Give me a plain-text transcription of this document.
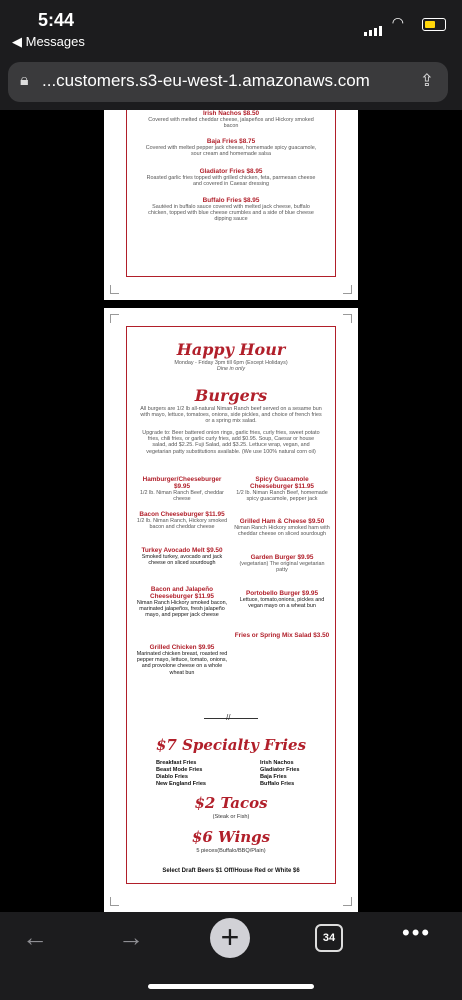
5:44
◀ Messages
◠
🔒︎ ...customers.s3-eu-west-1.amazonaws.com	⇪
Irish Nachos $8.50
Covered with melted cheddar cheese, jalapeños and Hickory smoked bacon
Baja Fries $8.75
Covered with melted pepper jack cheese, homemade spicy guacamole, sour cream and homemade salsa
Gladiator Fries $8.95
Roasted garlic fries topped with grilled chicken, feta, parmesan cheese and covered in Caesar dressing
Buffalo Fries $8.95
Sautéed in buffalo sauce covered with melted jack cheese, buffalo chicken, topped with blue cheese crumbles and a side of blue cheese dipping sauce
Happy Hour
Monday - Friday 3pm till 6pm (Except Holidays)
Dine in only
Burgers
All burgers are 1/2 lb all-natural Niman Ranch beef served on a sesame bun with mayo, lettuce, tomatoes, onions, side pickles, and choice of french fries or a spring mix salad.
Upgrade to: Beer battered onion rings, garlic fries, curly fries, sweet potato fries, chili fries, or garlic curly fries, add $0.95. Soup, Caesar or house salad, add $2.25. Fuji Salad, add $3.25. Lettuce wrap, vegan, and vegetarian patty substitutions available. (We use 100% natural corn oil)
Hamburger/Cheeseburger $9.95
1/2 lb. Niman Ranch Beef, cheddar cheese
Bacon Cheeseburger $11.95
1/2 lb. Niman Ranch, Hickory smoked bacon and cheddar cheese
Turkey Avocado Melt $9.50
Smoked turkey, avocado and jack cheese on sliced sourdough
Bacon and Jalapeño Cheeseburger $11.95
Niman Ranch Hickory smoked bacon, marinated jalapeños, fresh jalapeño mayo, and pepper jack cheese
Grilled Chicken $9.95
Marinated chicken breast, roasted red pepper mayo, lettuce, tomato, onions, and provolone cheese on a whole wheat bun
Spicy Guacamole Cheeseburger $11.95
1/2 lb. Niman Ranch Beef, homemade spicy guacamole, pepper jack
Grilled Ham & Cheese $9.50
Niman Ranch Hickory smoked ham with cheddar cheese on sliced sourdough
Garden Burger $9.95
(vegetarian) The original vegetarian patty
Portobello Burger $9.95
Lettuce, tomato,onions, pickles and vegan mayo on a wheat bun
Fries or Spring Mix Salad $3.50
//
$7 Specialty Fries
Breakfast Fries
Beast Mode Fries
Diablo Fries
New England Fries
Irish Nachos
Gladiator Fries
Baja Fries
Buffalo Fries
$2 Tacos
(Steak or Fish)
$6 Wings
5 pieces(Buffalo/BBQ/Plain)
Select Draft Beers $1 Off/House Red or White $6
←	→	+	34	•••
